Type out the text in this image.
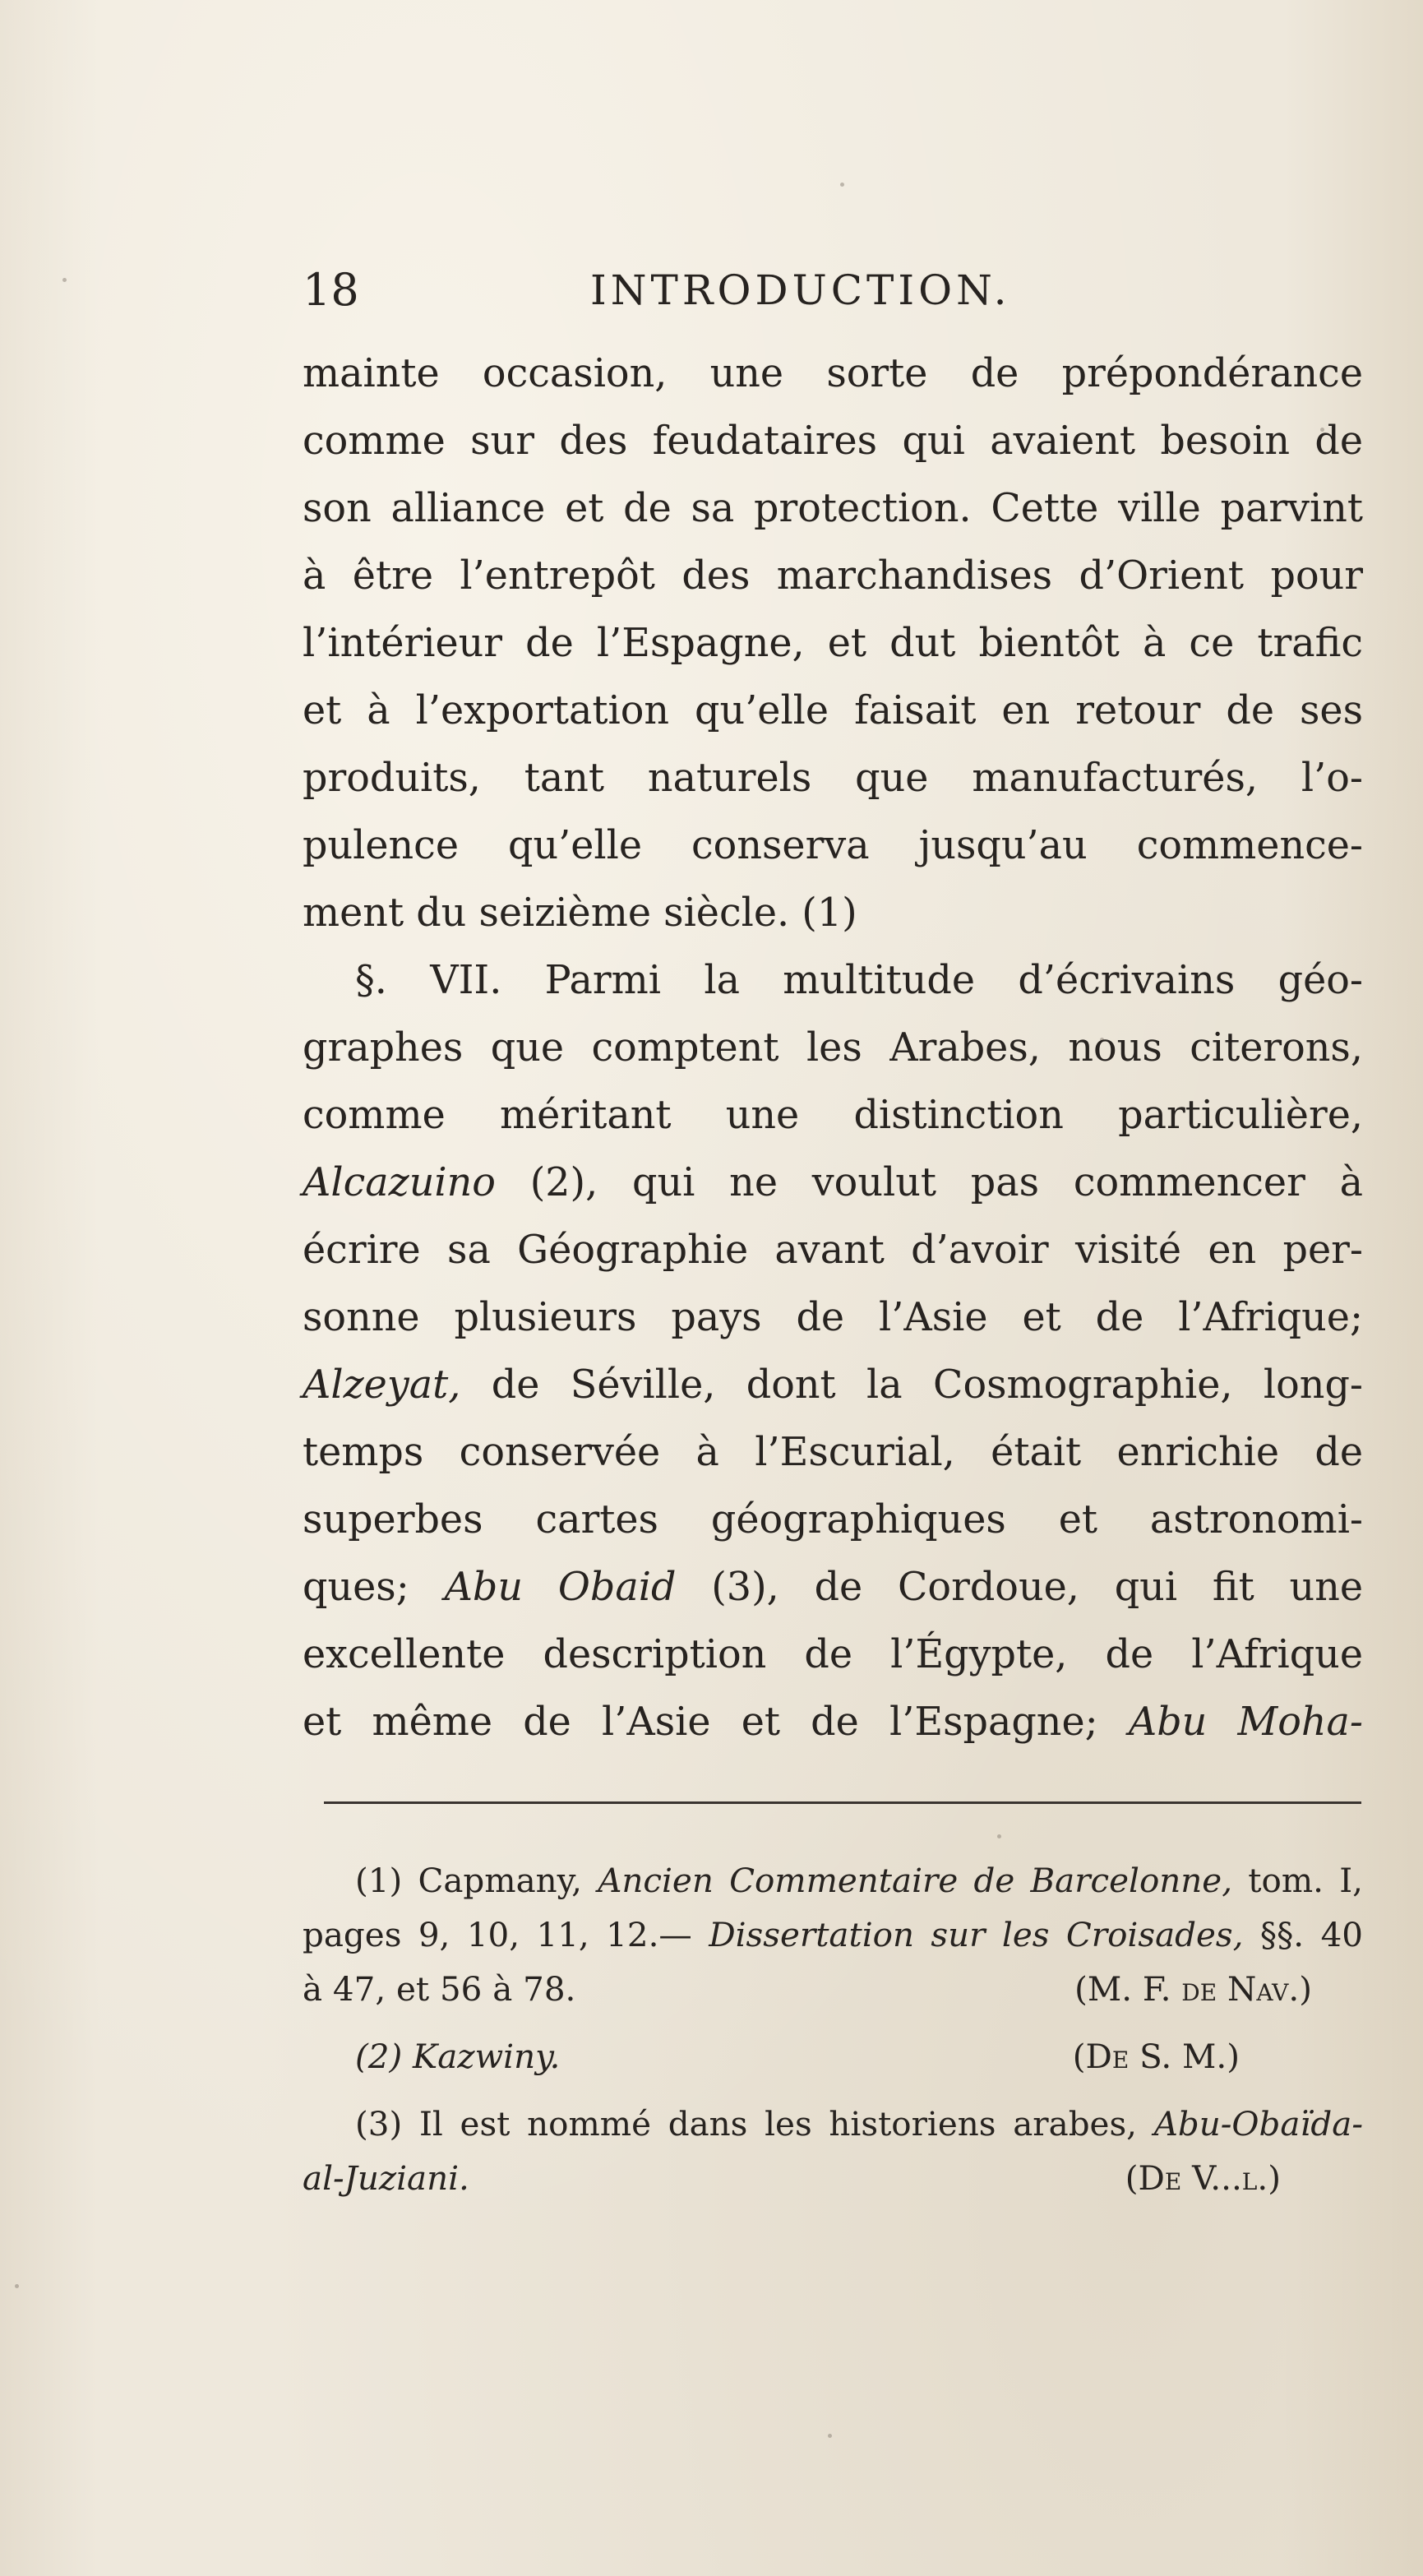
18	INTRODUCTION.
mainte occasion, une sorte de prépondérance
comme sur des feudataires qui avaient besoin de
son alliance et de sa protection. Cette ville parvint
à être l’entrepôt des marchandises d’Orient pour
l’intérieur de l’Espagne, et dut bientôt à ce trafic
et à l’exportation qu’elle faisait en retour de ses
produits, tant naturels que manufacturés, l’o-
pulence qu’elle conserva jusqu’au commence-
ment du seizième siècle. (1)
§. VII. Parmi la multitude d’écrivains géo-
graphes que comptent les Arabes, nous citerons,
comme méritant une distinction particulière,
Alcazuino (2), qui ne voulut pas commencer à
écrire sa Géographie avant d’avoir visité en per-
sonne plusieurs pays de l’Asie et de l’Afrique;
Alzeyat, de Séville, dont la Cosmographie, long-
temps conservée à l’Escurial, était enrichie de
superbes cartes géographiques et astronomi-
ques; Abu Obaid (3), de Cordoue, qui fit une
excellente description de l’Égypte, de l’Afrique
et même de l’Asie et de l’Espagne; Abu Moha-
(1) Capmany, Ancien Commentaire de Barcelonne, tom. I,
pages 9, 10, 11, 12.— Dissertation sur les Croisades, §§. 40
à 47, et 56 à 78.	(M. F. de Nav.)
(2) Kazwiny.	(De S. M.)
(3) Il est nommé dans les historiens arabes, Abu-Obaïda-
al-Juziani.	(De V...l.)
